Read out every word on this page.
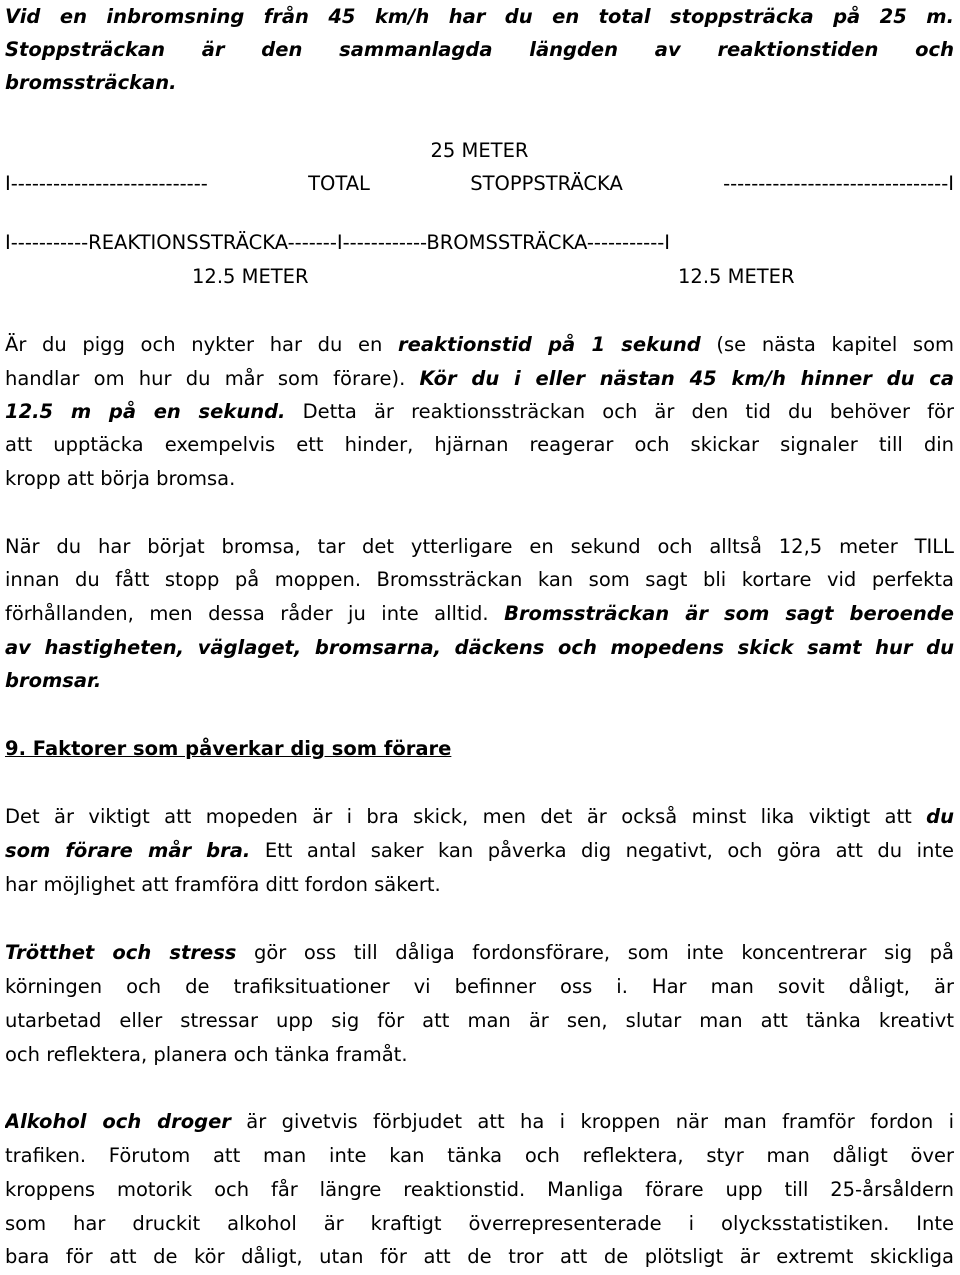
Vid en inbromsning från 45 km/h har du en total stoppsträcka på 25 m.
Stoppsträckan är den sammanlagda längden av reaktionstiden och
bromssträckan.
25 METER
I----------------------------	TOTAL STOPPSTRÄCKA	--------------------------------I
I-----------REAKTIONSSTRÄCKA-------I------------BROMSSTRÄCKA-----------I
12.5 METER	12.5 METER
Är du pigg och nykter har du en reaktionstid på 1 sekund (se nästa kapitel som
handlar om hur du mår som förare). Kör du i eller nästan 45 km/h hinner du ca
12.5 m på en sekund. Detta är reaktionssträckan och är den tid du behöver för
att upptäcka exempelvis ett hinder, hjärnan reagerar och skickar signaler till din
kropp att börja bromsa.
När du har börjat bromsa, tar det ytterligare en sekund och alltså 12,5 meter TILL
innan du fått stopp på moppen. Bromssträckan kan som sagt bli kortare vid perfekta
förhållanden, men dessa råder ju inte alltid. Bromssträckan är som sagt beroende
av hastigheten, väglaget, bromsarna, däckens och mopedens skick samt hur du
bromsar.
9. Faktorer som påverkar dig som förare
Det är viktigt att mopeden är i bra skick, men det är också minst lika viktigt att du
som förare mår bra. Ett antal saker kan påverka dig negativt, och göra att du inte
har möjlighet att framföra ditt fordon säkert.
Trötthet och stress gör oss till dåliga fordonsförare, som inte koncentrerar sig på
körningen och de trafiksituationer vi befinner oss i. Har man sovit dåligt, är
utarbetad eller stressar upp sig för att man är sen, slutar man att tänka kreativt
och reflektera, planera och tänka framåt.
Alkohol och droger är givetvis förbjudet att ha i kroppen när man framför fordon i
trafiken. Förutom att man inte kan tänka och reflektera, styr man dåligt över
kroppens motorik och får längre reaktionstid. Manliga förare upp till 25-årsåldern
som har druckit alkohol är kraftigt överrepresenterade i olycksstatistiken. Inte
bara för att de kör dåligt, utan för att de tror att de plötsligt är extremt skickliga
